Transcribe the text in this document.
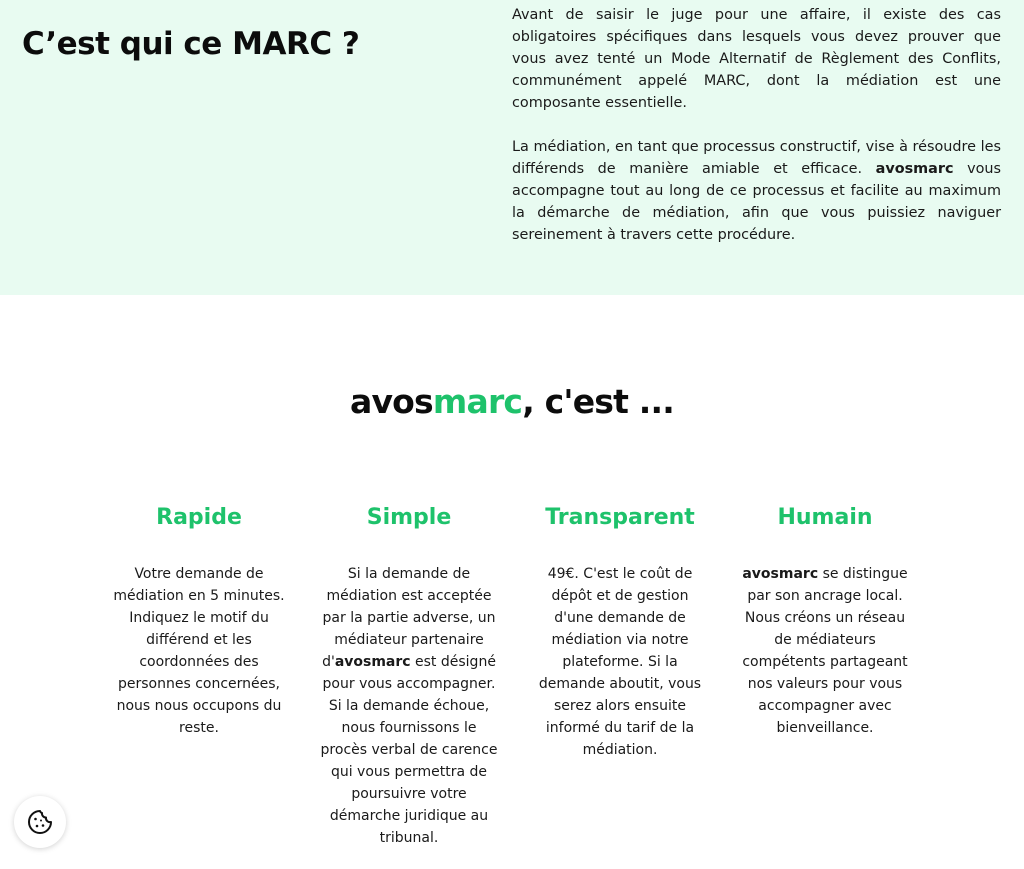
C’est qui ce MARC ?

Avant de saisir le juge pour une affaire, il existe des cas obligatoires spécifiques dans lesquels vous devez prouver que vous avez tenté un Mode Alternatif de Règlement des Conflits, communément appelé MARC, dont la médiation est une composante essentielle.

La médiation, en tant que processus constructif, vise à résoudre les différends de manière amiable et efficace. avosmarc vous accompagne tout au long de ce processus et facilite au maximum la démarche de médiation, afin que vous puissiez naviguer sereinement à travers cette procédure.

avosmarc, c'est ...
Rapide
Votre demande de médiation en 5 minutes. Indiquez le motif du différend et les coordonnées des personnes concernées, nous nous occupons du reste.
Simple
Si la demande de médiation est acceptée par la partie adverse, un médiateur partenaire d'avosmarc est désigné pour vous accompagner. Si la demande échoue, nous fournissons le procès verbal de carence qui vous permettra de poursuivre votre démarche juridique au tribunal.
Transparent
49€. C'est le coût de dépôt et de gestion d'une demande de médiation via notre plateforme. Si la demande aboutit, vous serez alors ensuite informé du tarif de la médiation.
Humain
avosmarc se distingue par son ancrage local. Nous créons un réseau de médiateurs compétents partageant nos valeurs pour vous accompagner avec bienveillance.
